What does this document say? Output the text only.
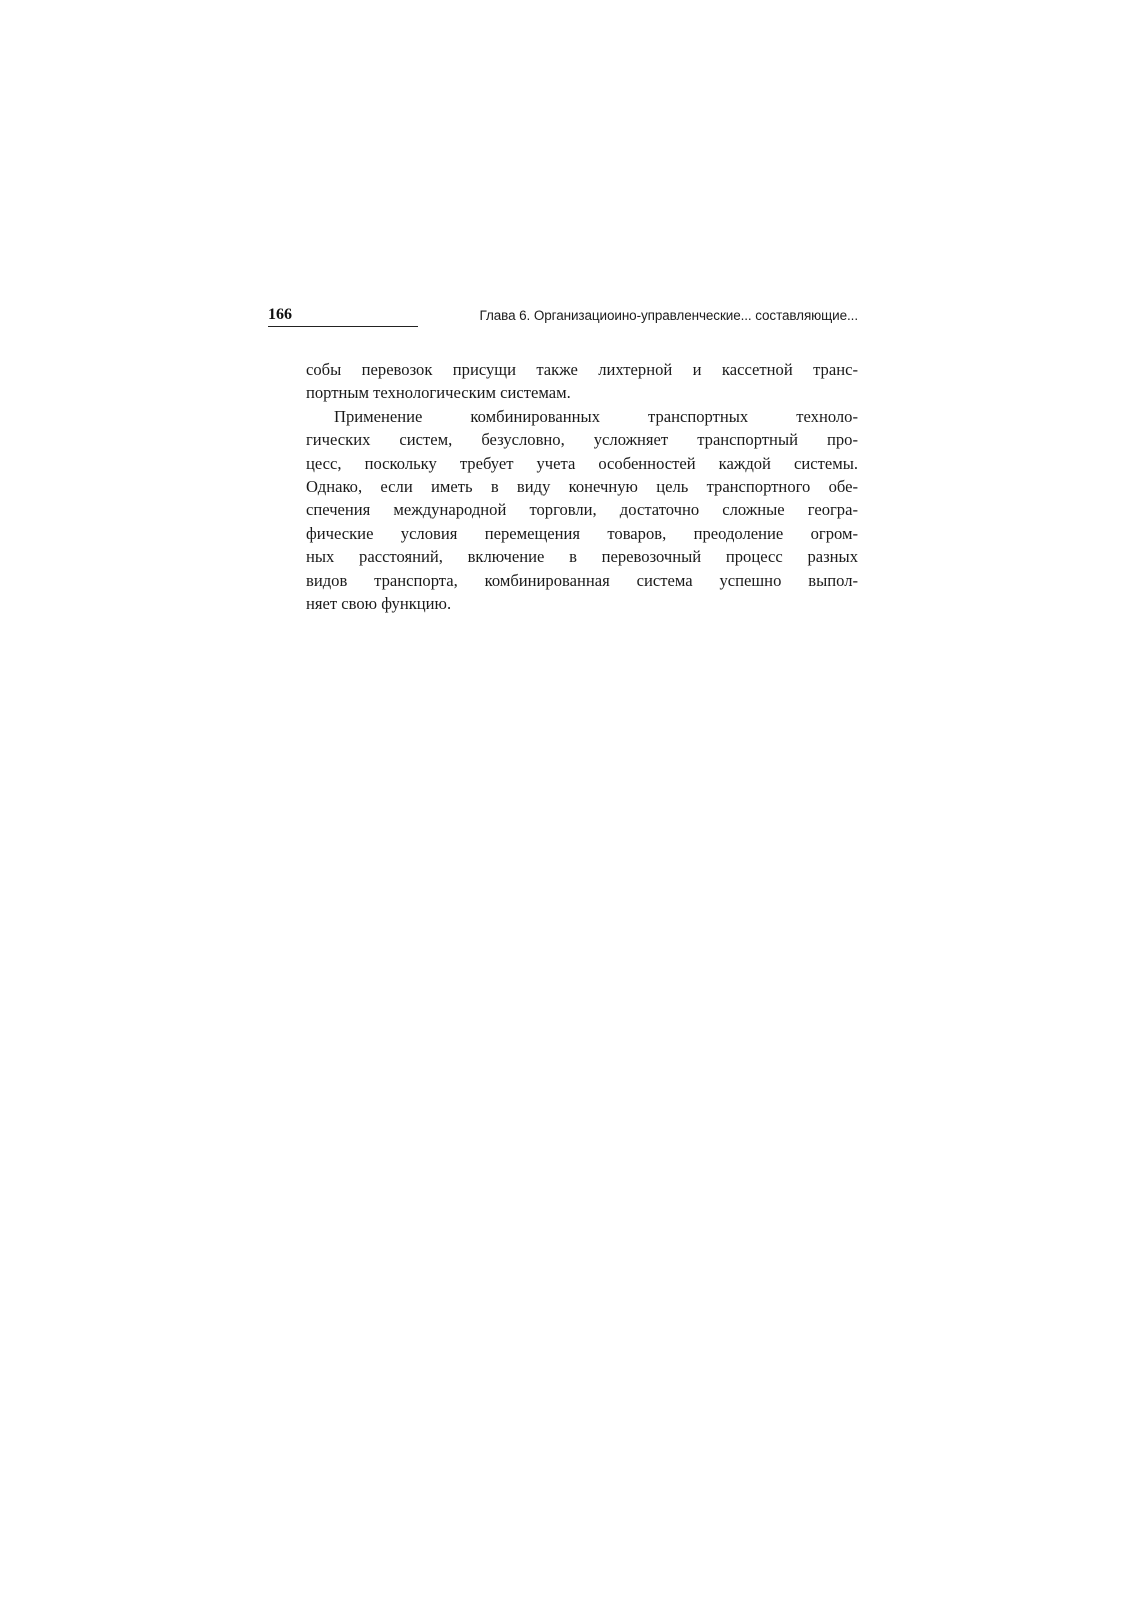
166	Глава 6. Организациоино-управленческие... составляющие...

собы перевозок присущи также лихтерной и кассетной транс-
портным технологическим системам.

Применение комбинированных транспортных техноло-
гических систем, безусловно, усложняет транспортный про-
цесс, поскольку требует учета особенностей каждой системы.
Однако, если иметь в виду конечную цель транспортного обе-
спечения международной торговли, достаточно сложные геогра-
фические условия перемещения товаров, преодоление огром-
ных расстояний, включение в перевозочный процесс разных
видов транспорта, комбинированная система успешно выпол-
няет свою функцию.
